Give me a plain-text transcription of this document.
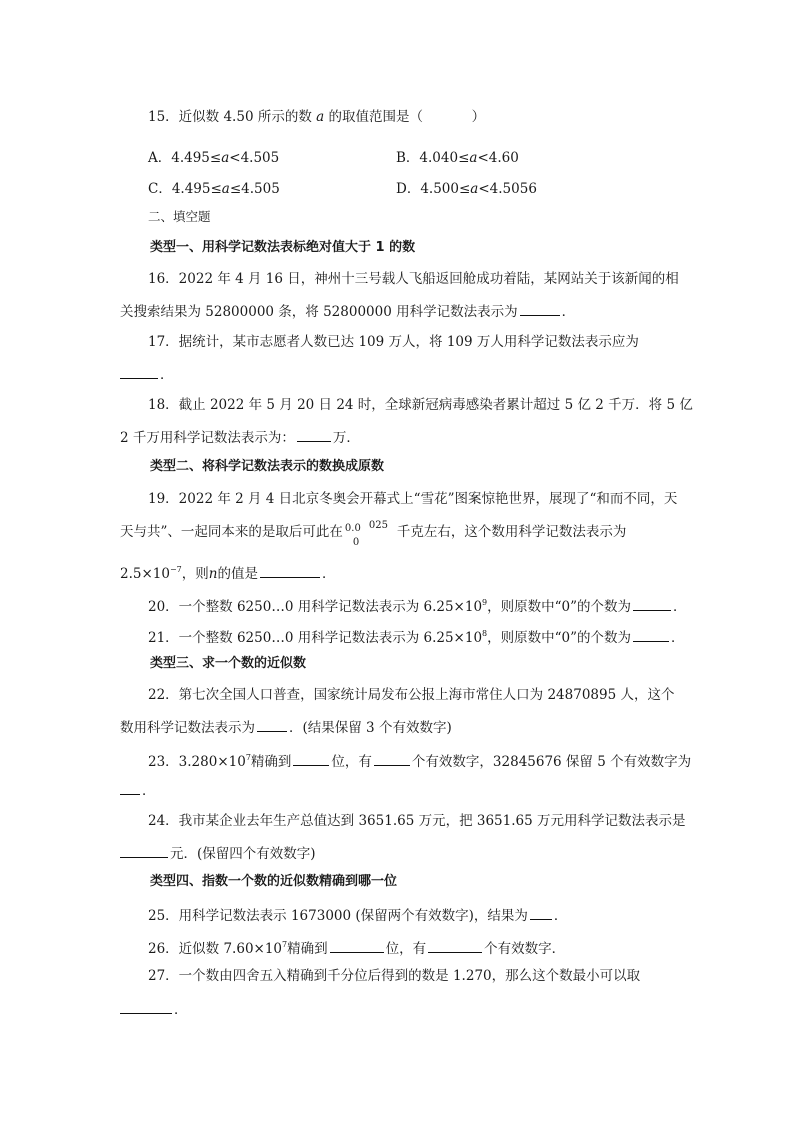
15．近似数 4.50 所示的数 a 的取值范围是（	）
A．4.495≤a<4.505	B．4.040≤a<4.60
C．4.495≤a≤4.505	D．4.500≤a<4.5056
二、填空题
类型一、用科学记数法表标绝对值大于 1 的数
16．2022 年 4 月 16 日，神州十三号载人飞船返回舱成功着陆，某网站关于该新闻的相
关搜索结果为 52800000 条，将 52800000 用科学记数法表示为	．
17．据统计，某市志愿者人数已达 109 万人，将 109 万人用科学记数法表示应为
．
18．截止 2022 年 5 月 20 日 24 时，全球新冠病毒感染者累计超过 5 亿 2 千万．将 5 亿
2 千万用科学记数法表示为：	万．
类型二、将科学记数法表示的数换成原数
19．2022 年 2 月 4 日北京冬奥会开幕式上“雪花”图案惊艳世界，展现了“和而不同，天
天与共”、一起同本来的是取后可此在 0.0 025
0
千克左右，这个数用科学记数法表示为
$2.5\times 10^{-7}$，则n的值是	．
20．一个整数 6250…0 用科学记数法表示为 $6.25\times 10^9$，则原数中“0”的个数为	．
21．一个整数 6250…0 用科学记数法表示为 $6.25\times 10^8$，则原数中“0”的个数为	．
类型三、求一个数的近似数
22．第七次全国人口普查，国家统计局发布公报上海市常住人口为 24870895 人，这个
数用科学记数法表示为	．(结果保留 3 个有效数字)
23．$3.280\times 10^7$精确到	位，有	个有效数字，32845676 保留 5 个有效数字为
．
24．我市某企业去年生产总值达到 3651.65 万元，把 3651.65 万元用科学记数法表示是
元．(保留四个有效数字)
类型四、指数一个数的近似数精确到哪一位
25．用科学记数法表示 1673000 (保留两个有效数字)，结果为 ．
26．近似数 $7.60\times 10^7$精确到	位，有	个有效数字．
27．一个数由四舍五入精确到千分位后得到的数是 1.270，那么这个数最小可以取
．
